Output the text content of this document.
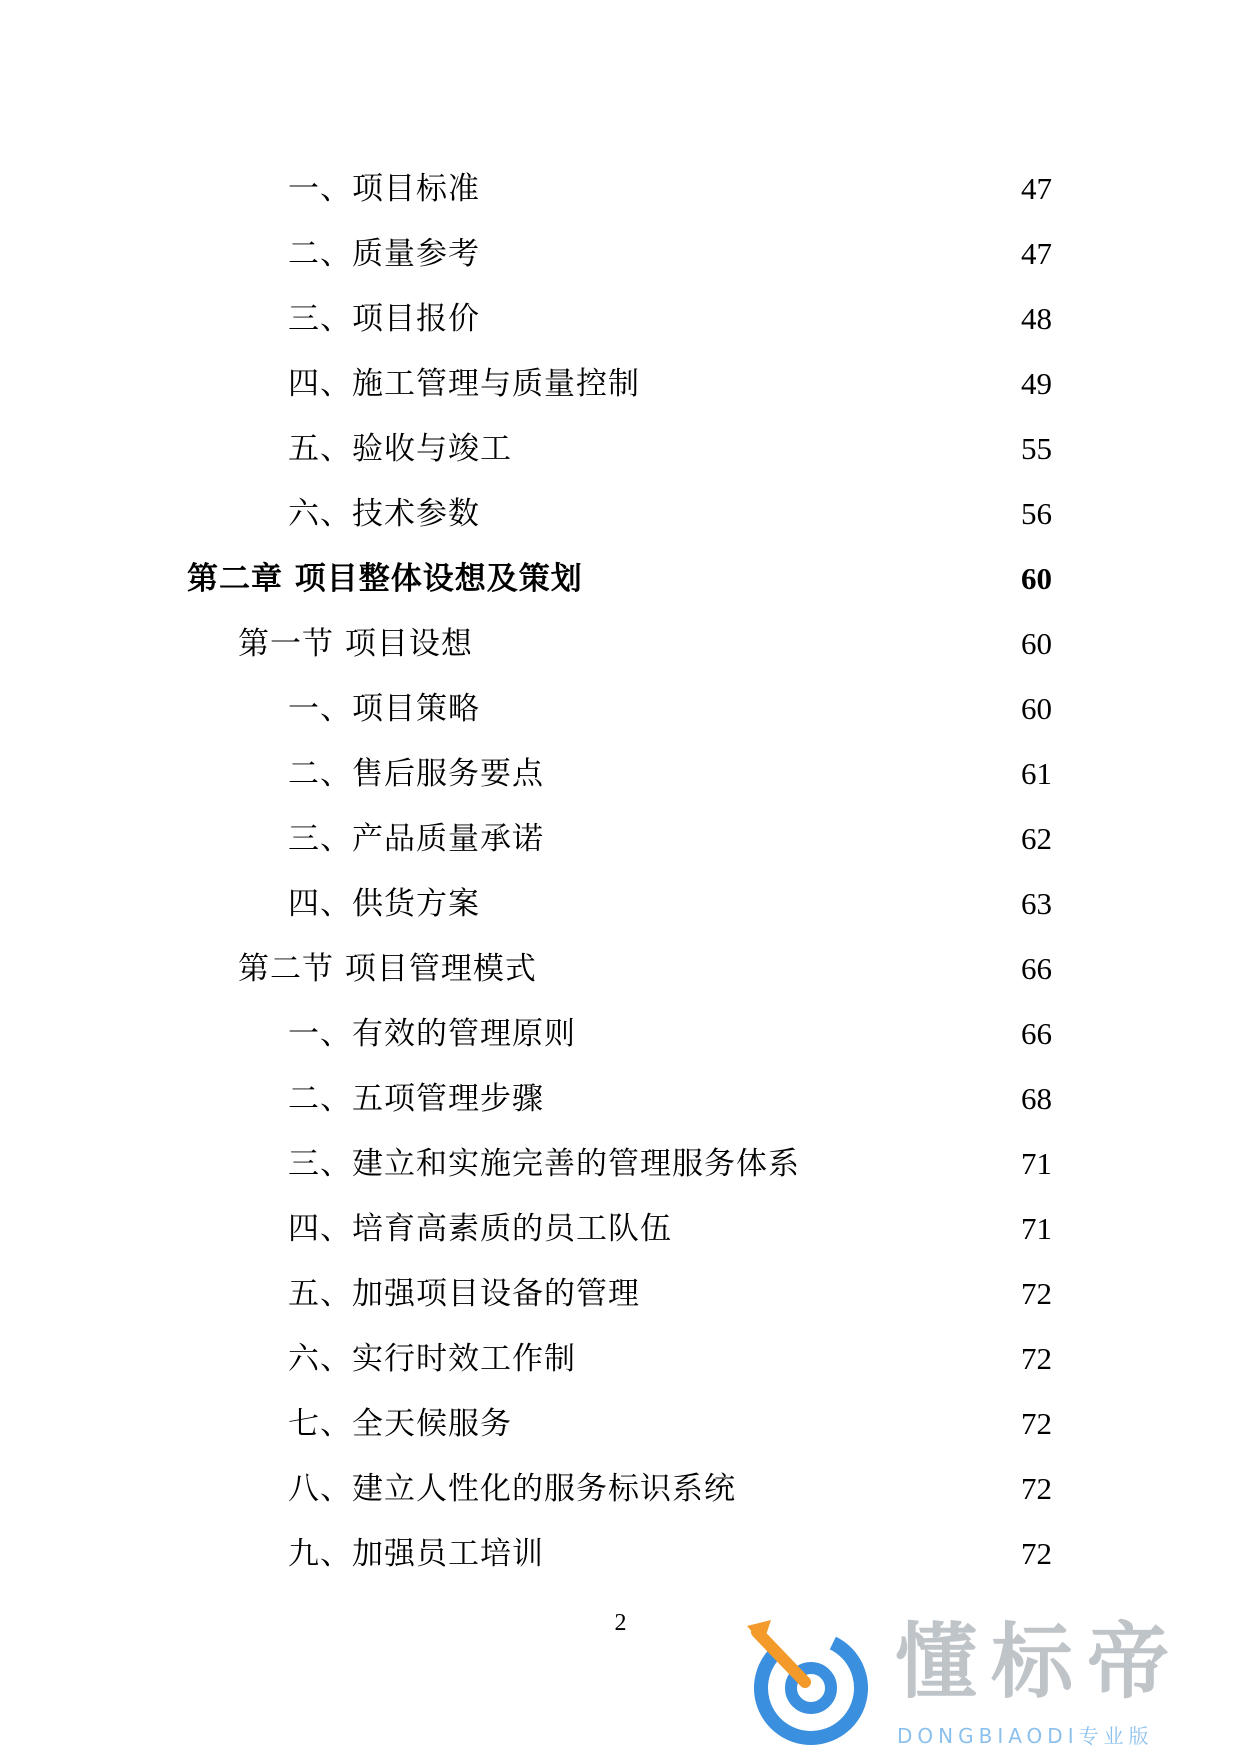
一、项目标准	47
二、质量参考	47
三、项目报价	48
四、施工管理与质量控制	49
五、验收与竣工	55
六、技术参数	56
第二章 项目整体设想及策划	60
第一节 项目设想	60
一、项目策略	60
二、售后服务要点	61
三、产品质量承诺	62
四、供货方案	63
第二节 项目管理模式	66
一、有效的管理原则	66
二、五项管理步骤	68
三、建立和实施完善的管理服务体系	71
四、培育高素质的员工队伍	71
五、加强项目设备的管理	72
六、实行时效工作制	72
七、全天候服务	72
八、建立人性化的服务标识系统	72
九、加强员工培训	72
2	懂标帝
DONGBIAODI专业版
